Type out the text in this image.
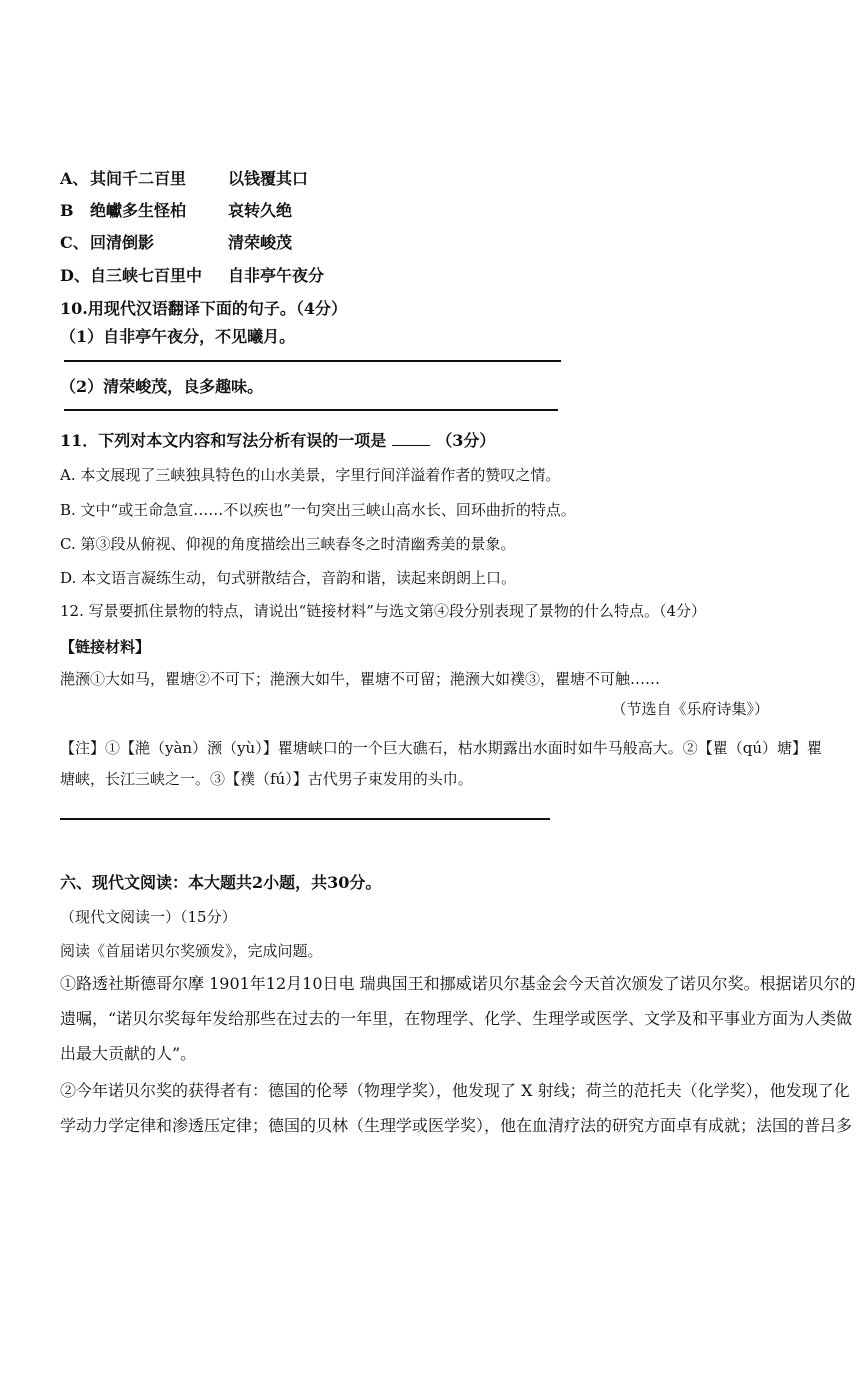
A、其间千二百里	以钱覆其口
B 绝巘多生怪柏	哀转久绝
C、回清倒影	清荣峻茂
D、自三峡七百里中 自非亭午夜分
10.用现代汉语翻译下面的句子。（4分）
（1）自非亭午夜分，不见曦月。
（2）清荣峻茂，良多趣味。
11．下列对本文内容和写法分析有误的一项是	（3分）
A. 本文展现了三峡独具特色的山水美景，字里行间洋溢着作者的赞叹之情。
B. 文中“或王命急宣……不以疾也”一句突出三峡山高水长、回环曲折的特点。
C. 第③段从俯视、仰视的角度描绘出三峡春冬之时清幽秀美的景象。
D. 本文语言凝练生动，句式骈散结合，音韵和谐，读起来朗朗上口。
12. 写景要抓住景物的特点，请说出“链接材料”与选文第④段分别表现了景物的什么特点。（4分）
【链接材料】
滟滪①大如马，瞿塘②不可下；滟滪大如牛，瞿塘不可留；滟滪大如襆③，瞿塘不可触……
（节选自《乐府诗集》）
【注】①【滟（yàn）滪（yù）】瞿塘峡口的一个巨大礁石，枯水期露出水面时如牛马般高大。②【瞿（qú）塘】瞿
塘峡，长江三峡之一。③【襆（fú）】古代男子束发用的头巾。
六、现代文阅读：本大题共2小题，共30分。
（现代文阅读一）（15分）
阅读《首届诺贝尔奖颁发》，完成问题。
①路透社斯德哥尔摩 1901年12月10日电 瑞典国王和挪威诺贝尔基金会今天首次颁发了诺贝尔奖。根据诺贝尔的
遗嘱，“诺贝尔奖每年发给那些在过去的一年里，在物理学、化学、生理学或医学、文学及和平事业方面为人类做
出最大贡献的人”。
②今年诺贝尔奖的获得者有：德国的伦琴（物理学奖），他发现了 X 射线；荷兰的范托夫（化学奖），他发现了化
学动力学定律和渗透压定律；德国的贝林（生理学或医学奖），他在血清疗法的研究方面卓有成就；法国的普吕多
